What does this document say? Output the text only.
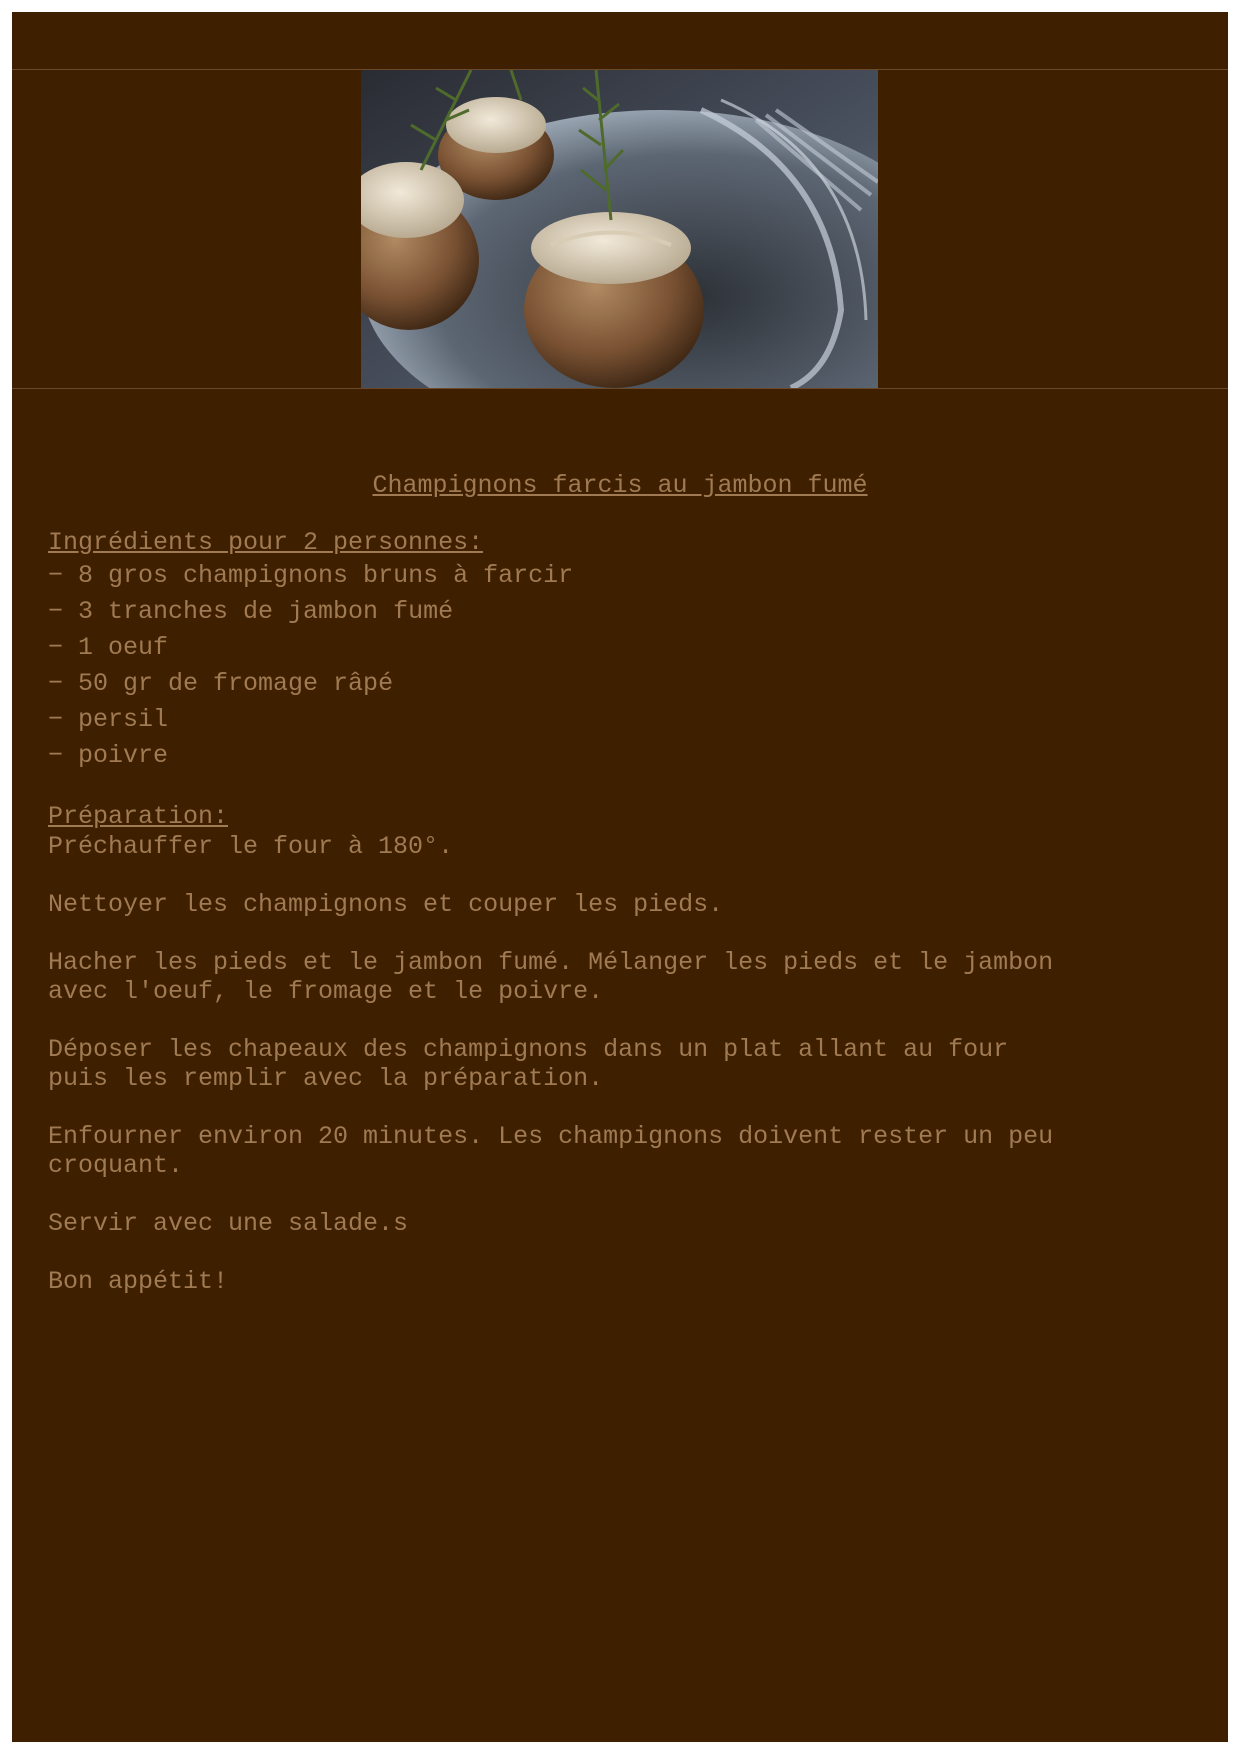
Champignons farcis au jambon fumé
Ingrédients pour 2 personnes:
− 8 gros champignons bruns à farcir
− 3 tranches de jambon fumé
− 1 oeuf
− 50 gr de fromage râpé
− persil
− poivre
Préparation:

Préchauffer le four à 180°.

Nettoyer les champignons et couper les pieds.

Hacher les pieds et le jambon fumé. Mélanger les pieds et le jambon
avec l'oeuf, le fromage et le poivre.

Déposer les chapeaux des champignons dans un plat allant au four
puis les remplir avec la préparation.

Enfourner environ 20 minutes. Les champignons doivent rester un peu
croquant.

Servir avec une salade.s

Bon appétit!
